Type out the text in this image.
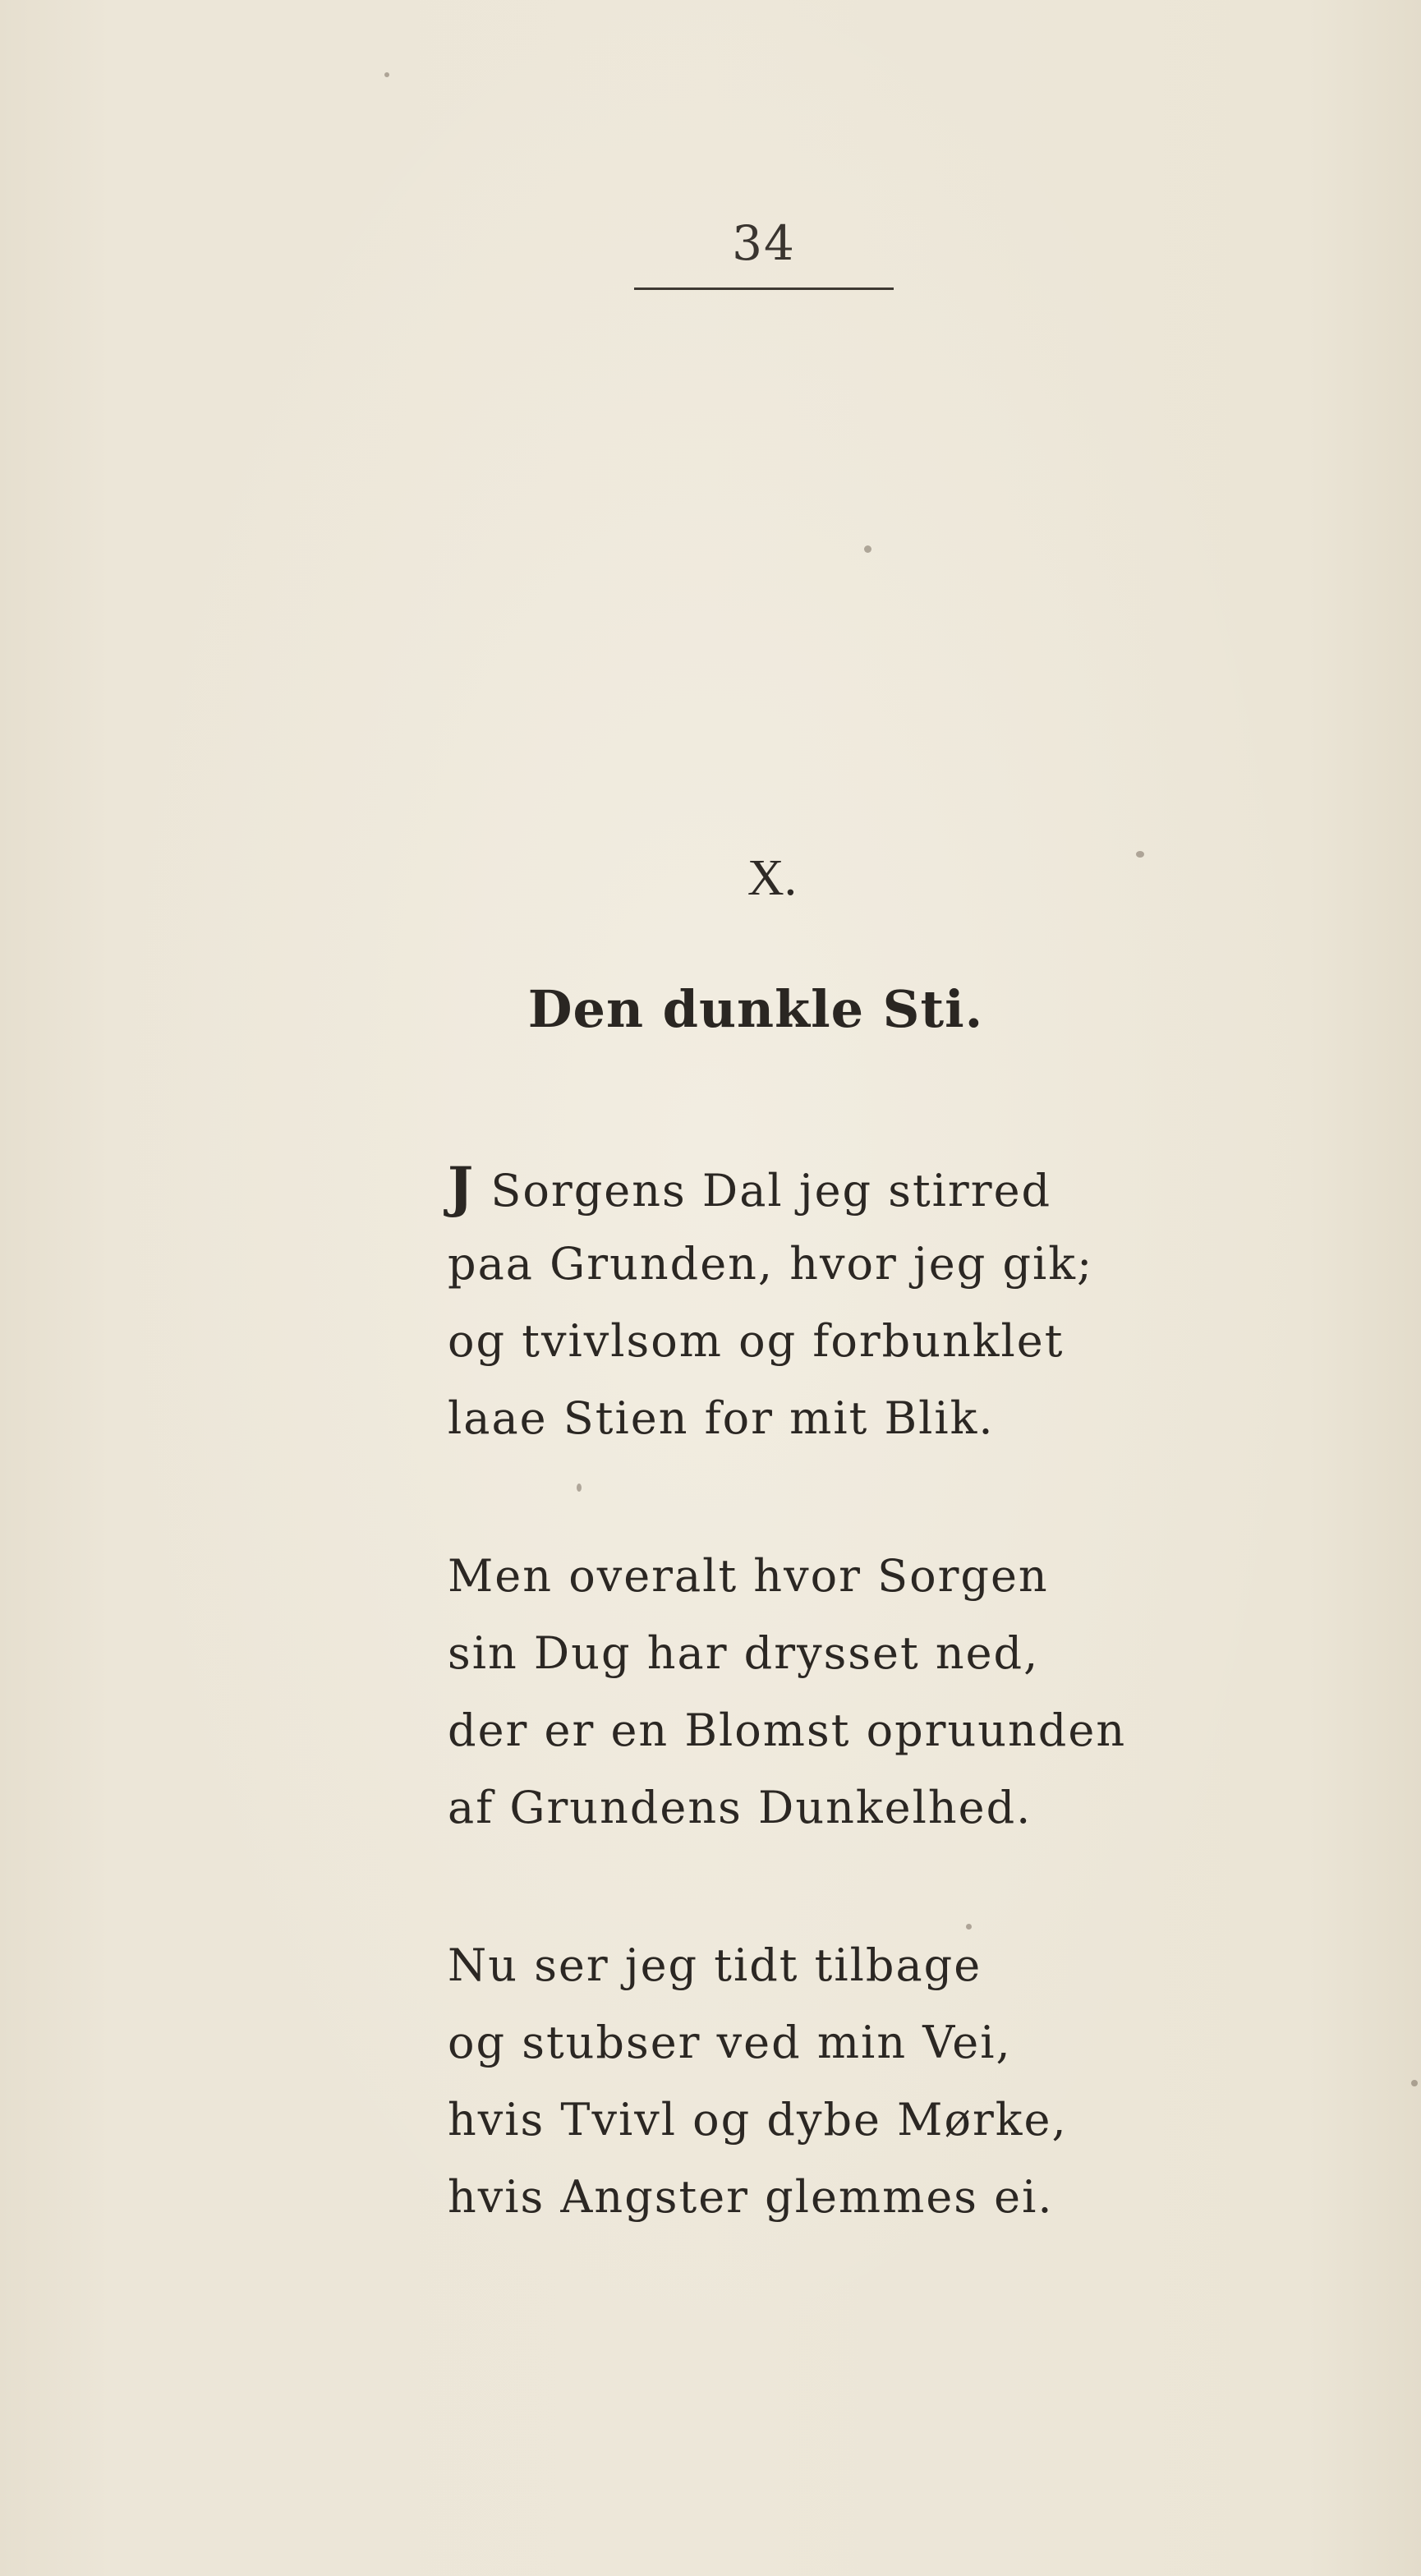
34
X.
Den dunkle Sti.
J Sorgens Dal jeg stirred
paa Grunden, hvor jeg gik;
og tvivlsom og forbunklet
laae Stien for mit Blik.
Men overalt hvor Sorgen
sin Dug har drysset ned,
der er en Blomst opruunden
af Grundens Dunkelhed.
Nu ser jeg tidt tilbage
og stubser ved min Vei,
hvis Tvivl og dybe Mørke,
hvis Angster glemmes ei.
